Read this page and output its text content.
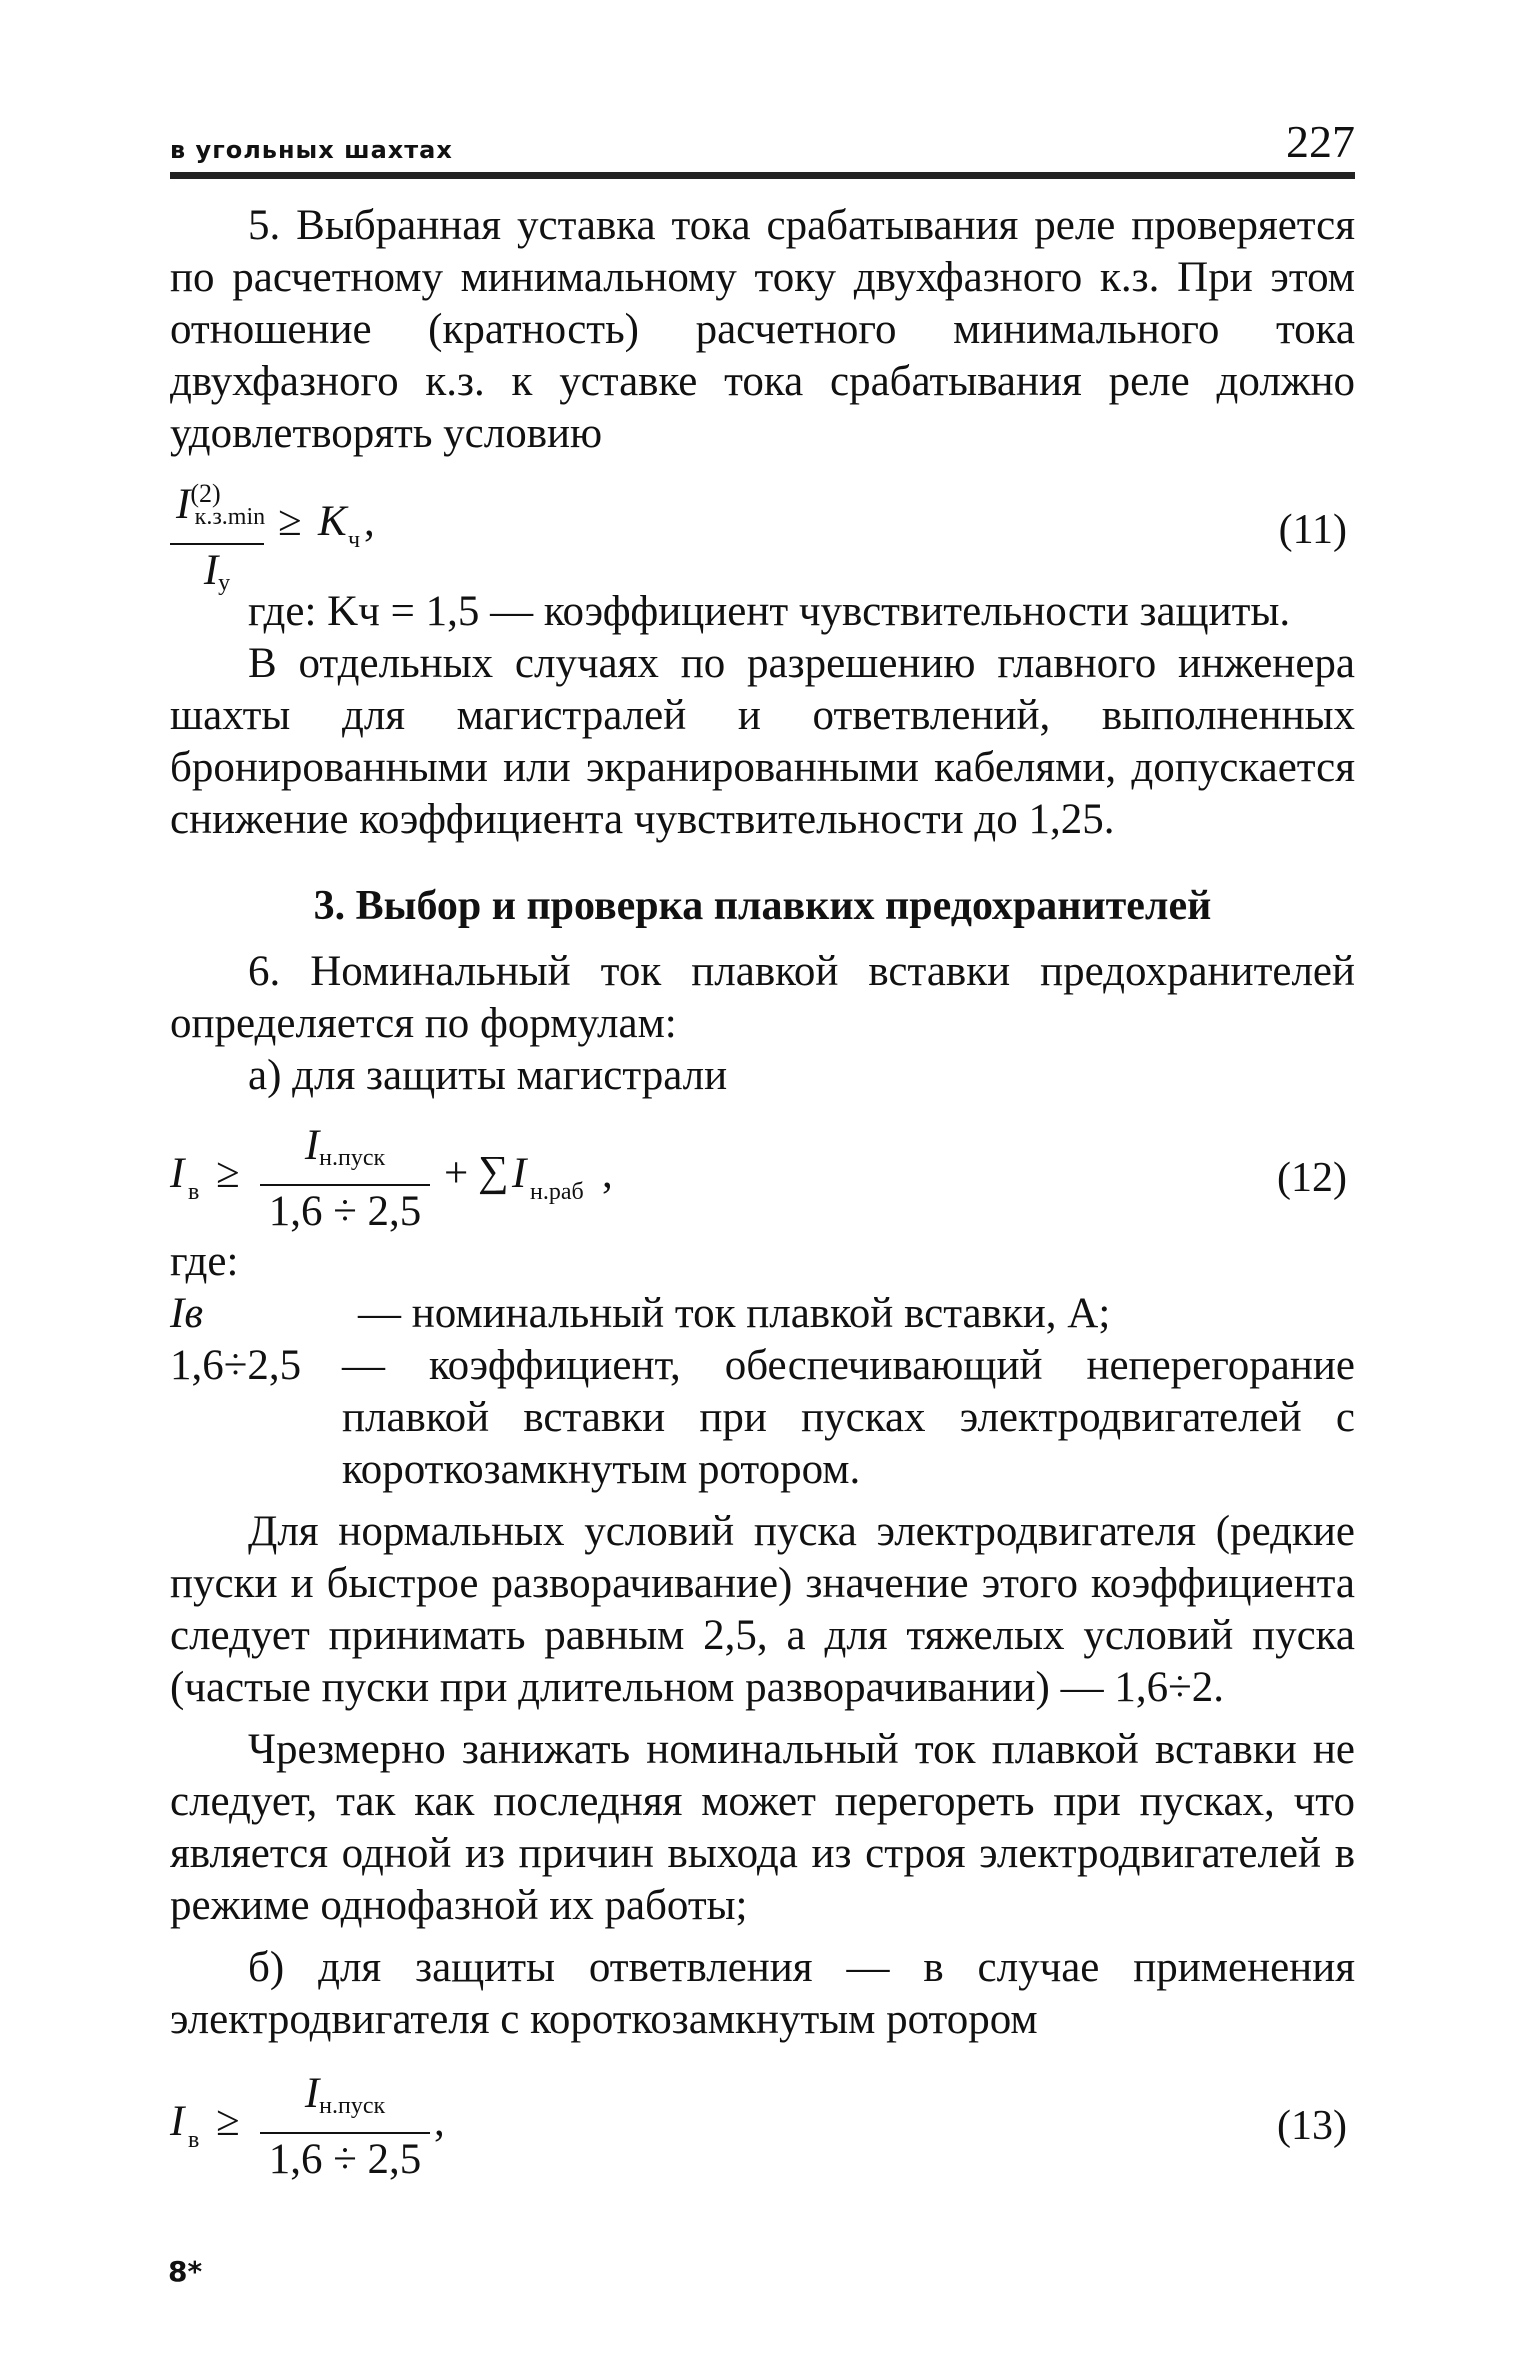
в угольных шахтах	227

5. Выбранная уставка тока срабатывания реле проверяется по расчетному минимальному току двухфазного к.з. При этом отношение (кратность) расчетного минимального тока двухфазного к.з. к уставке тока срабатывания реле должно удовлетворять условию

$I^{(2)}_{к.з.min}$
$I_у$
≥ K ч ,	(11)

где: Kч = 1,5 — коэффициент чувствительности защиты.

В отдельных случаях по разрешению главного инженера шахты для магистралей и ответвлений, выполненных бронированными или экранированными кабелями, допускается снижение коэффициента чувствительности до 1,25.

3. Выбор и проверка плавких предохранителей

6. Номинальный ток плавкой вставки предохранителей определяется по формулам:

а) для защиты магистрали

I в ≥
$I_{н.пуск}$
1,6 ÷ 2,5
+ ∑ I н.раб ,	(12)

где:

Iв	— номинальный ток плавкой вставки, А;
1,6÷2,5 — коэффициент, обеспечивающий неперегорание плавкой вставки при пусках электродвигателей с короткозамкнутым ротором.

Для нормальных условий пуска электродвигателя (редкие пуски и быстрое разворачивание) значение этого коэффициента следует принимать равным 2,5, а для тяжелых условий пуска (частые пуски при длительном разворачивании) — 1,6÷2.

Чрезмерно занижать номинальный ток плавкой вставки не следует, так как последняя может перегореть при пусках, что является одной из причин выхода из строя электродвигателей в режиме однофазной их работы;

б) для защиты ответвления — в случае применения электродвигателя с короткозамкнутым ротором

I в ≥
$I_{н.пуск}$
1,6 ÷ 2,5
,	(13)
8*
